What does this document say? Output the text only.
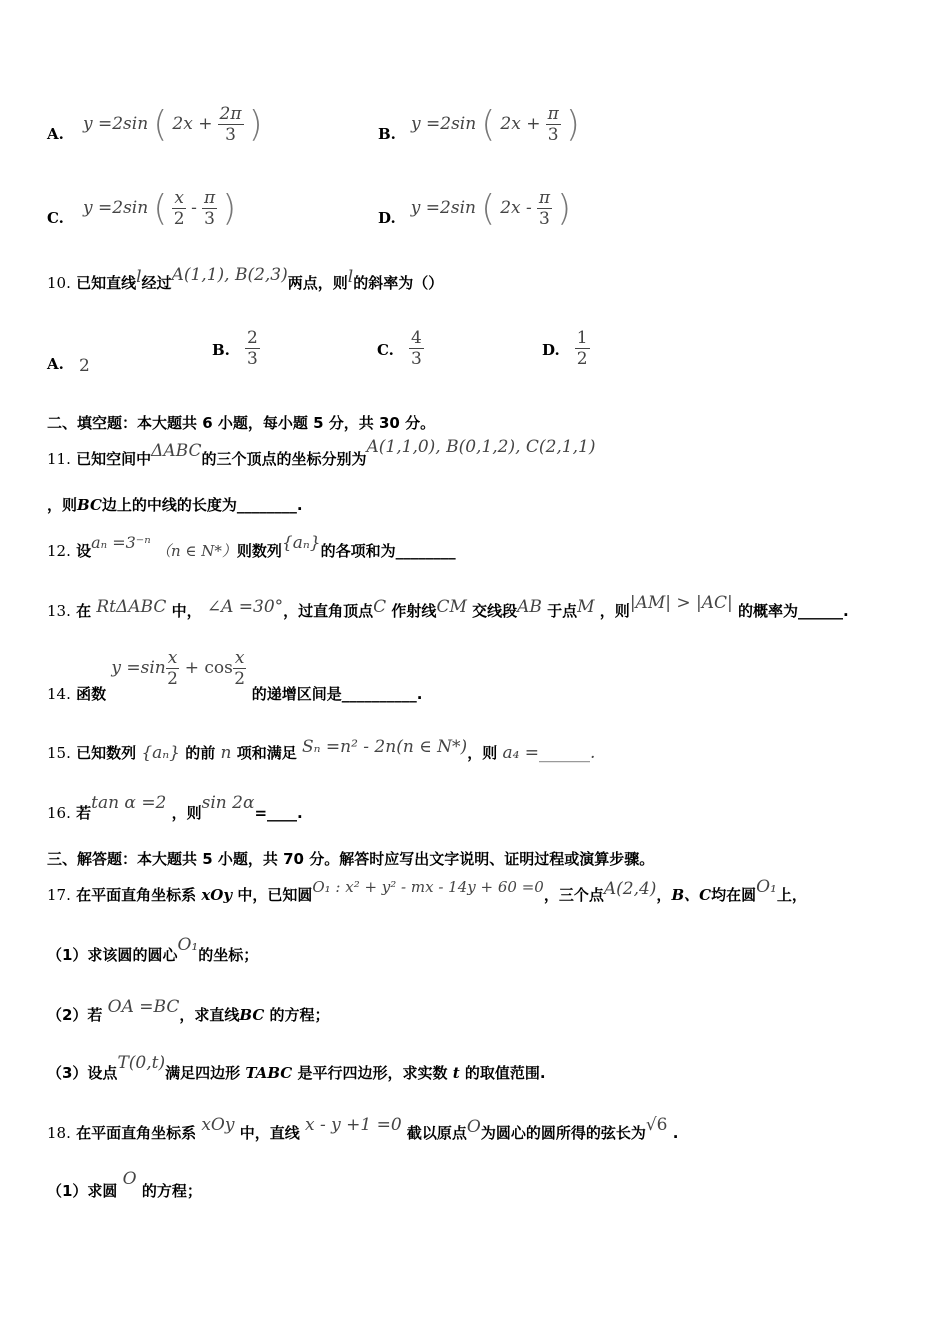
A. y =2sin ( $2x + \frac{2\pi}{3}$ )	B. y =2sin ( $2x + \frac{\pi}{3}$ )
C. y =2sin ( $\frac{x}{2} - \frac{\pi}{3}$ )	D. y =2sin ( $2x - \frac{\pi}{3}$ )
10. 已知直线l经过A(1,1), B(2,3)两点，则l的斜率为（）
A. 2
B. $\frac{2}{3}$	C. $\frac{4}{3}$	D. $\frac{1}{2}$
二、填空题：本大题共 6 小题，每小题 5 分，共 30 分。
11. 已知空间中ΔABC的三个顶点的坐标分别为A(1,1,0), B(0,1,2), C(2,1,1)
，则BC边上的中线的长度为________.
12. 设aₙ =3⁻ⁿ （n ∈ N*）则数列{aₙ}的各项和为________
13. 在 RtΔABC 中， ∠A =30°，过直角顶点C 作射线CM 交线段AB 于点M ，则|AM| > |AC| 的概率为______.
14. 函数 $y =\sin \frac{x}{2} + \cos \frac{x}{2}$
的递增区间是__________.
15. 已知数列 {aₙ} 的前 n 项和满足 Sₙ =n² - 2n(n ∈ N*)，则 a₄ =______.
16. 若tan α =2 ，则sin 2α=____.
三、解答题：本大题共 5 小题，共 70 分。解答时应写出文字说明、证明过程或演算步骤。
17. 在平面直角坐标系 xOy 中，已知圆O₁ : x² + y² - mx - 14y + 60 =0，三个点A(2,4)，B、C均在圆O₁上，
（1）求该圆的圆心O₁的坐标；
（2）若 OA =BC，求直线BC 的方程；
（3）设点T(0,t)满足四边形 TABC 是平行四边形，求实数 t 的取值范围.
18. 在平面直角坐标系 xOy 中，直线 x - y +1 =0 截以原点O为圆心的圆所得的弦长为√6 .
（1）求圆 O 的方程；
